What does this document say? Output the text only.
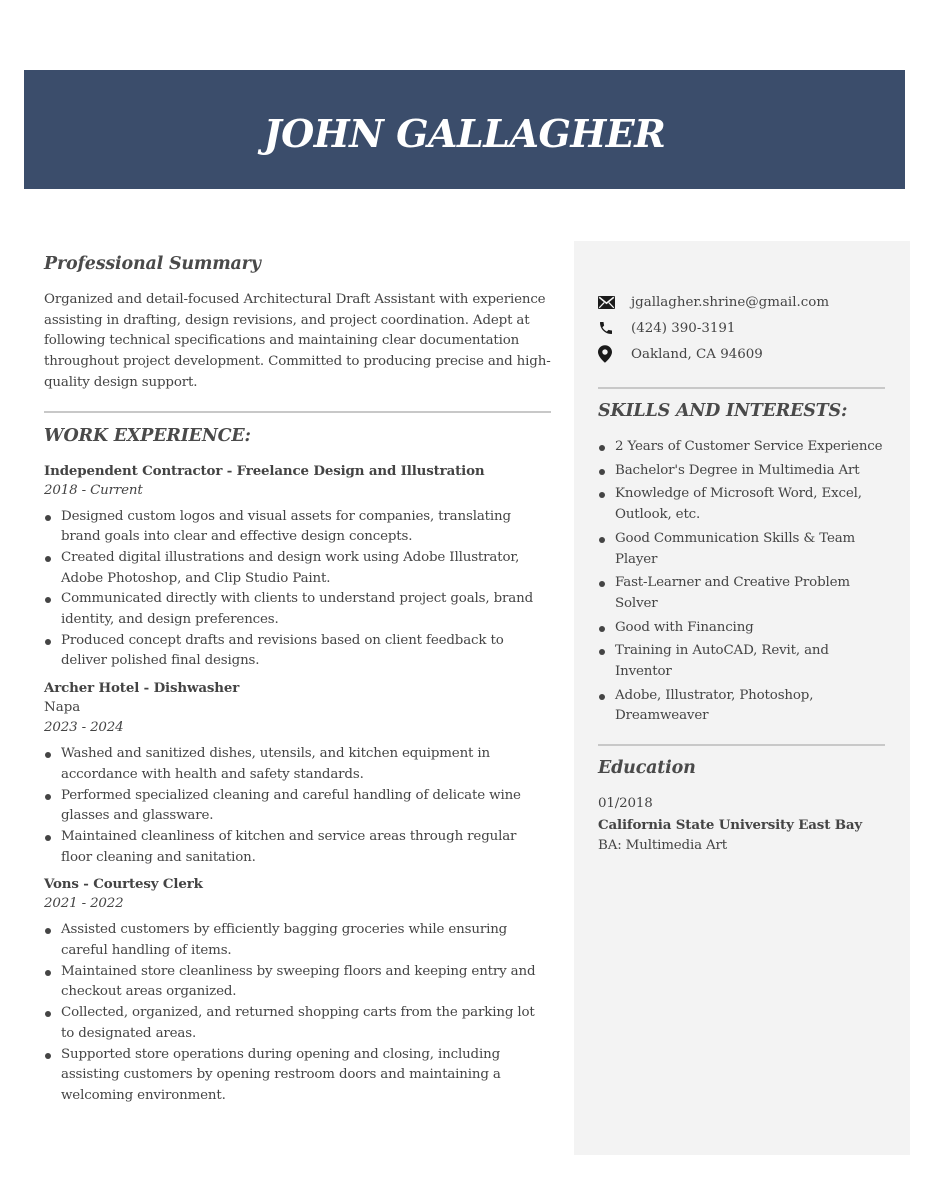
JOHN GALLAGHER
Professional Summary
Organized and detail-focused Architectural Draft Assistant with experience assisting in drafting, design revisions, and project coordination. Adept at following technical specifications and maintaining clear documentation throughout project development. Committed to producing precise and high-quality design support.
WORK EXPERIENCE:
Independent Contractor - Freelance Design and Illustration
2018 - Current
Designed custom logos and visual assets for companies, translating brand goals into clear and effective design concepts.
Created digital illustrations and design work using Adobe Illustrator, Adobe Photoshop, and Clip Studio Paint.
Communicated directly with clients to understand project goals, brand identity, and design preferences.
Produced concept drafts and revisions based on client feedback to deliver polished final designs.
Archer Hotel - Dishwasher
Napa
2023 - 2024
Washed and sanitized dishes, utensils, and kitchen equipment in accordance with health and safety standards.
Performed specialized cleaning and careful handling of delicate wine glasses and glassware.
Maintained cleanliness of kitchen and service areas through regular floor cleaning and sanitation.
Vons - Courtesy Clerk
2021 - 2022
Assisted customers by efficiently bagging groceries while ensuring careful handling of items.
Maintained store cleanliness by sweeping floors and keeping entry and checkout areas organized.
Collected, organized, and returned shopping carts from the parking lot to designated areas.
Supported store operations during opening and closing, including assisting customers by opening restroom doors and maintaining a welcoming environment.
jgallagher.shrine@gmail.com
(424) 390-3191
Oakland, CA 94609
SKILLS AND INTERESTS:
2 Years of Customer Service Experience
Bachelor's Degree in Multimedia Art
Knowledge of Microsoft Word, Excel, Outlook, etc.
Good Communication Skills & Team Player
Fast-Learner and Creative Problem Solver
Good with Financing
Training in AutoCAD, Revit, and Inventor
Adobe, Illustrator, Photoshop, Dreamweaver
Education
01/2018
California State University East Bay
BA: Multimedia Art
